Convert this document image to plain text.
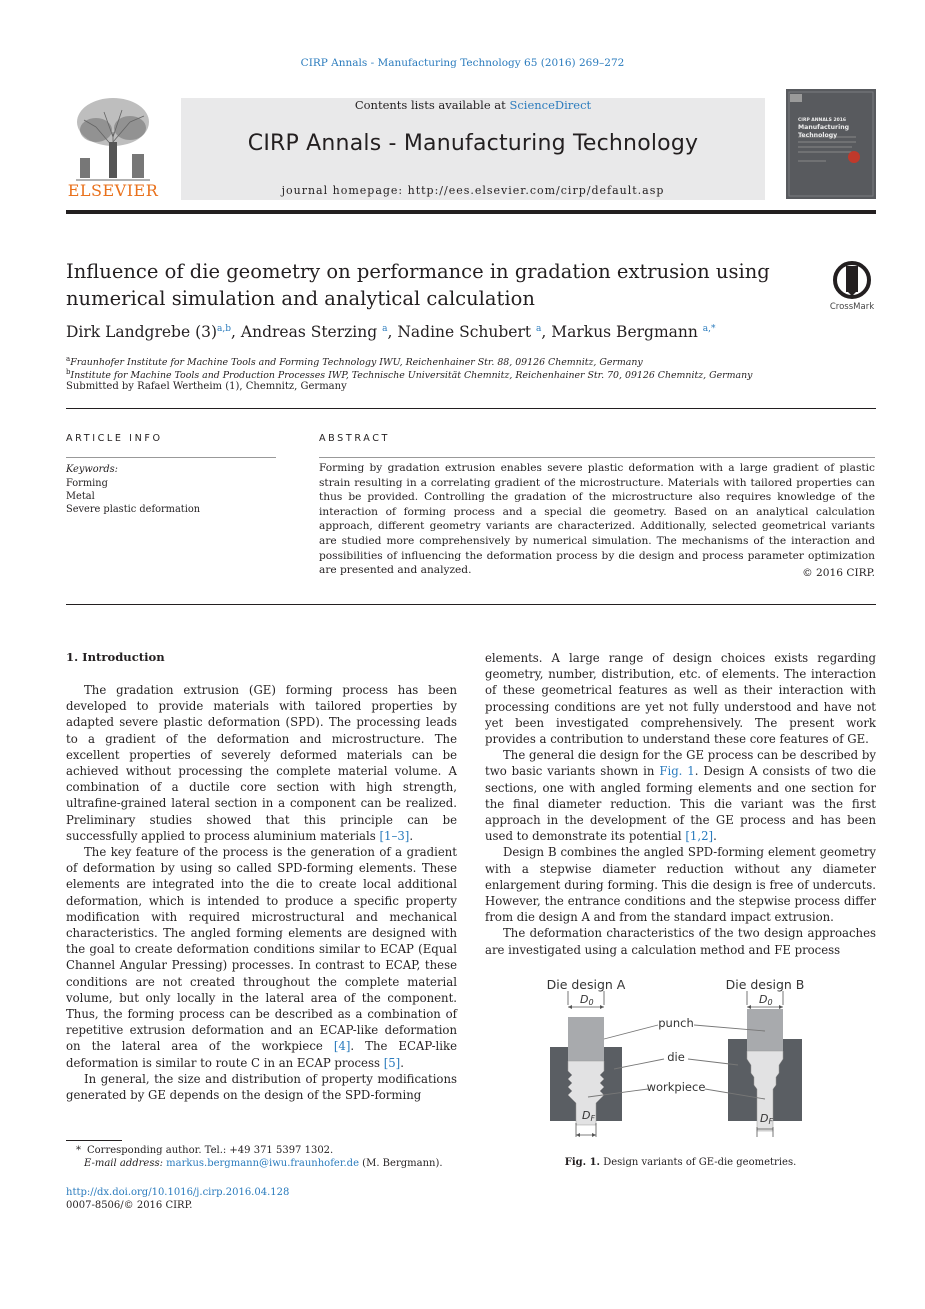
CIRP Annals - Manufacturing Technology 65 (2016) 269–272
ELSEVIER
Contents lists available at ScienceDirect
CIRP Annals - Manufacturing Technology
journal homepage: http://ees.elsevier.com/cirp/default.asp
CIRP ANNALS 2016
Manufacturing
Technology
Influence of die geometry on performance in gradation extrusion using numerical simulation and analytical calculation	CrossMark
Dirk Landgrebe $(3)^{a,b}$, Andreas Sterzing $^a$, Nadine Schubert $^a$, Markus Bergmann $^{a,*}$
$^a$Fraunhofer Institute for Machine Tools and Forming Technology IWU, Reichenhainer Str. 88, 09126 Chemnitz, Germany
$^b$Institute for Machine Tools and Production Processes IWP, Technische Universität Chemnitz, Reichenhainer Str. 70, 09126 Chemnitz, Germany
Submitted by Rafael Wertheim (1), Chemnitz, Germany
ARTICLE INFO
Keywords:
Forming
Metal
Severe plastic deformation
ABSTRACT
Forming by gradation extrusion enables severe plastic deformation with a large gradient of plastic strain resulting in a correlating gradient of the microstructure. Materials with tailored properties can thus be provided. Controlling the gradation of the microstructure also requires knowledge of the interaction of forming process and a special die geometry. Based on an analytical calculation approach, different geometry variants are characterized. Additionally, selected geometrical variants are studied more comprehensively by numerical simulation. The mechanisms of the interaction and possibilities of influencing the deformation process by die design and process parameter optimization are presented and analyzed.	© 2016 CIRP.
1. Introduction

The gradation extrusion (GE) forming process has been developed to provide materials with tailored properties by adapted severe plastic deformation (SPD). The processing leads to a gradient of the deformation and microstructure. The excellent properties of severely deformed materials can be achieved without processing the complete material volume. A combination of a ductile core section with high strength, ultrafine-grained lateral section in a component can be realized. Preliminary studies showed that this principle can be successfully applied to process aluminium materials [1–3].

The key feature of the process is the generation of a gradient of deformation by using so called SPD-forming elements. These elements are integrated into the die to create local additional deformation, which is intended to produce a specific property modification with required microstructural and mechanical characteristics. The angled forming elements are designed with the goal to create deformation conditions similar to ECAP (Equal Channel Angular Pressing) processes. In contrast to ECAP, these conditions are not created throughout the complete material volume, but only locally in the lateral area of the component. Thus, the forming process can be described as a combination of repetitive extrusion deformation and an ECAP-like deformation on the lateral area of the workpiece [4]. The ECAP-like deformation is similar to route C in an ECAP process [5].

In general, the size and distribution of property modifications generated by GE depends on the design of the SPD-forming

elements. A large range of design choices exists regarding geometry, number, distribution, etc. of elements. The interaction of these geometrical features as well as their interaction with processing conditions are yet not fully understood and have not yet been investigated comprehensively. The present work provides a contribution to understand these core features of GE.

The general die design for the GE process can be described by two basic variants shown in Fig. 1. Design A consists of two die sections, one with angled forming elements and one section for the final diameter reduction. This die variant was the first approach in the development of the GE process and has been used to demonstrate its potential [1,2].

Design B combines the angled SPD-forming element geometry with a stepwise diameter reduction without any diameter enlargement during forming. This die design is free of undercuts. However, the entrance conditions and the stepwise process differ from die design A and from the standard impact extrusion.

The deformation characteristics of the two design approaches are investigated using a calculation method and FE process

Die design A	Die design B
D0
DF
D0
DF
punch
die
workpiece
Fig. 1. Design variants of GE-die geometries.
* Corresponding author. Tel.: +49 371 5397 1302.
E-mail address: markus.bergmann@iwu.fraunhofer.de (M. Bergmann).
http://dx.doi.org/10.1016/j.cirp.2016.04.128
0007-8506/© 2016 CIRP.
